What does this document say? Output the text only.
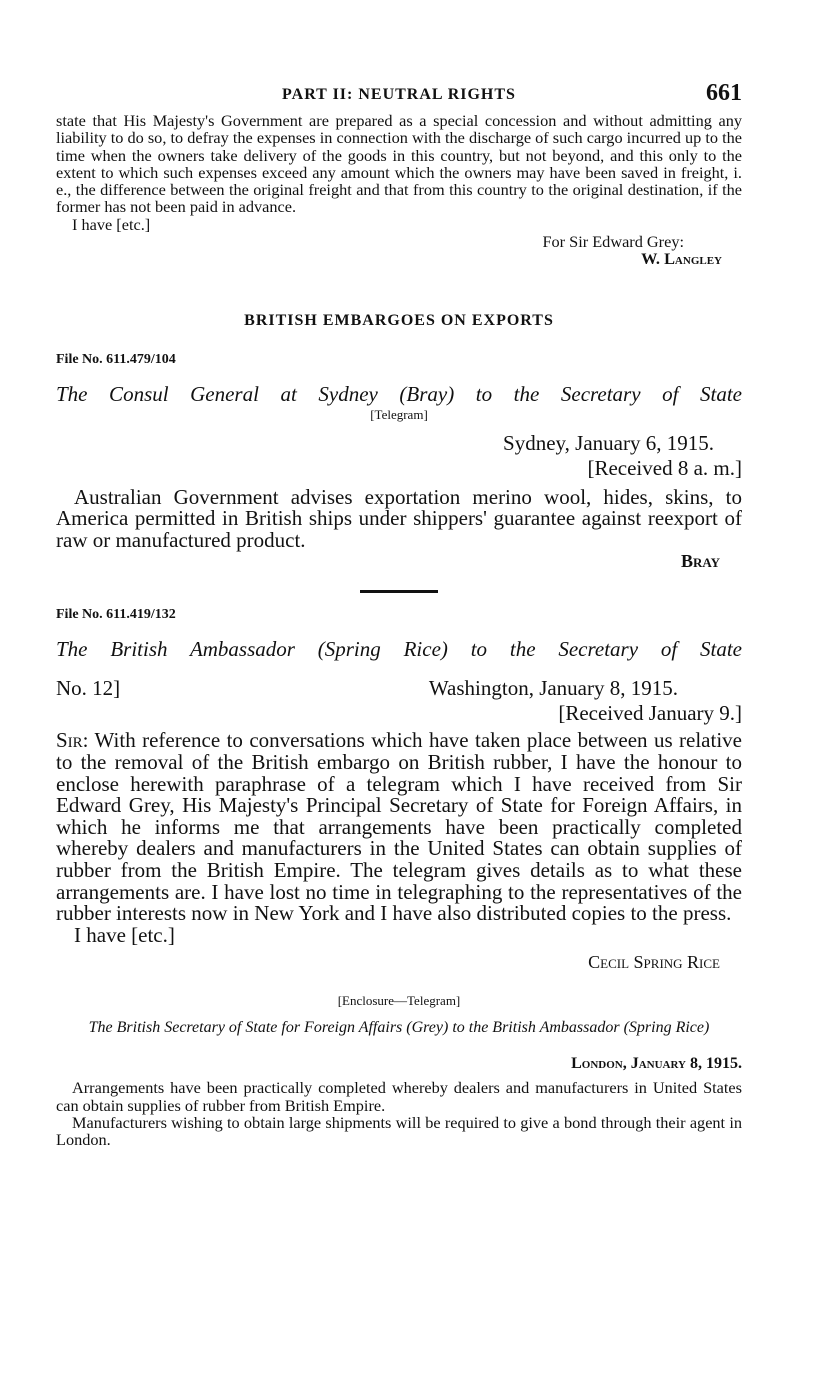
PART II: NEUTRAL RIGHTS	661

state that His Majesty's Government are prepared as a special concession and without admitting any liability to do so, to defray the expenses in connection with the discharge of such cargo incurred up to the time when the owners take delivery of the goods in this country, but not beyond, and this only to the extent to which such expenses exceed any amount which the owners may have been saved in freight, i. e., the difference between the original freight and that from this country to the original destination, if the former has not been paid in advance.

I have [etc.]

For Sir Edward Grey:

W. Langley

BRITISH EMBARGOES ON EXPORTS
File No. 611.479/104
The Consul General at Sydney (Bray) to the Secretary of State
[Telegram]
Sydney, January 6, 1915.
[Received 8 a. m.]

Australian Government advises exportation merino wool, hides, skins, to America permitted in British ships under shippers' guarantee against reexport of raw or manufactured product.

Bray
File No. 611.419/132
The British Ambassador (Spring Rice) to the Secretary of State
No. 12]	Washington, January 8, 1915.
[Received January 9.]

Sir: With reference to conversations which have taken place between us relative to the removal of the British embargo on British rubber, I have the honour to enclose herewith paraphrase of a telegram which I have received from Sir Edward Grey, His Majesty's Principal Secretary of State for Foreign Affairs, in which he informs me that arrangements have been practically completed whereby dealers and manufacturers in the United States can obtain supplies of rubber from the British Empire. The telegram gives details as to what these arrangements are. I have lost no time in telegraphing to the representatives of the rubber interests now in New York and I have also distributed copies to the press.

I have [etc.]

Cecil Spring Rice
[Enclosure—Telegram]
The British Secretary of State for Foreign Affairs (Grey) to the British Ambassador (Spring Rice)
London, January 8, 1915.

Arrangements have been practically completed whereby dealers and manufacturers in United States can obtain supplies of rubber from British Empire.

Manufacturers wishing to obtain large shipments will be required to give a bond through their agent in London.
